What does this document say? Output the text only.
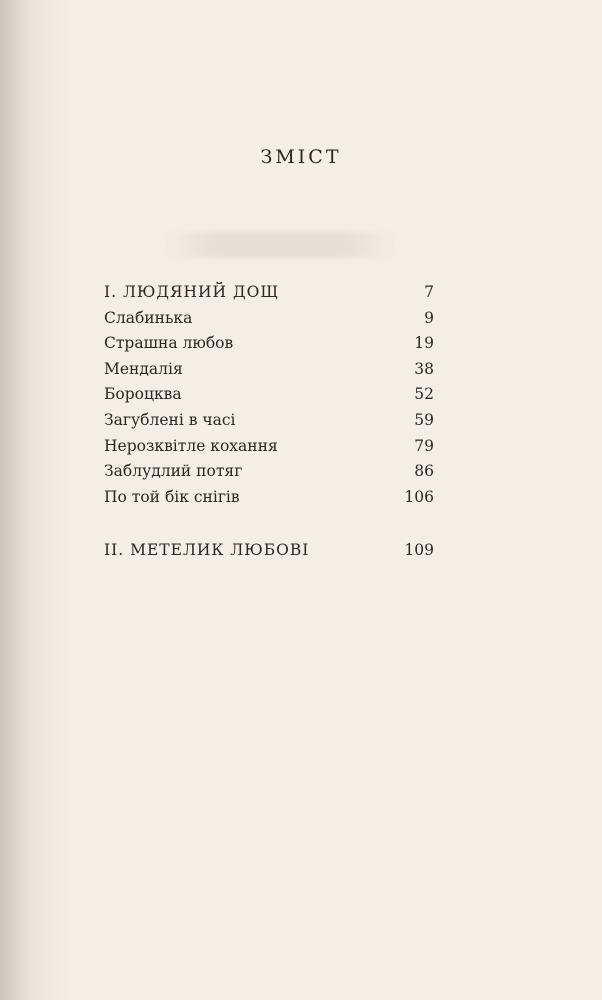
ЗМІСТ
І. ЛЮДЯНИЙ ДОЩ	7
Слабинька	9
Страшна любов	19
Мендалія	38
Бороцква	52
Загублені в часі	59
Нерозквітле кохання	79
Заблудлий потяг	86
По той бік снігів	106
ІІ. МЕТЕЛИК ЛЮБОВІ	109
